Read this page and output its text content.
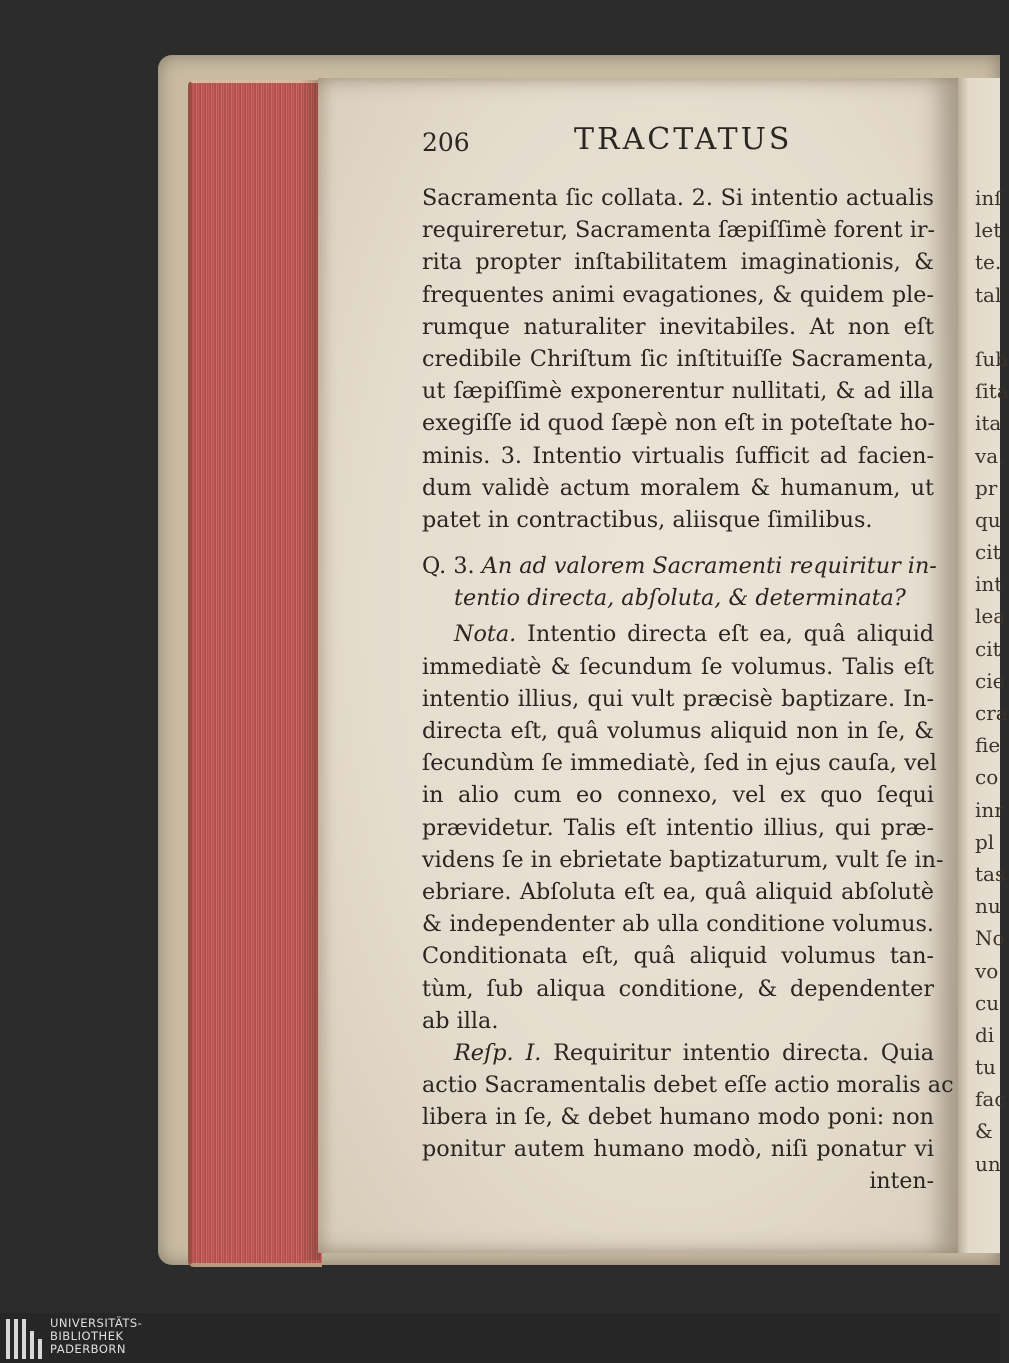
206	TRACTATUS
Sacramenta ſic collata. 2. Si intentio actualis
requireretur, Sacramenta ſæpiſſimè forent ir-
rita propter inſtabilitatem imaginationis, &
frequentes animi evagationes, & quidem ple-
rumque naturaliter inevitabiles. At non eſt
credibile Chriſtum ſic inſtituiſſe Sacramenta,
ut ſæpiſſimè exponerentur nullitati, & ad illa
exegiſſe id quod ſæpè non eſt in poteſtate ho-
minis. 3. Intentio virtualis ſufficit ad facien-
dum validè actum moralem & humanum, ut
patet in contractibus, aliisque ſimilibus.
Q. 3. An ad valorem Sacramenti requiritur in-
tentio directa, abſoluta, & determinata?
Nota. Intentio directa eſt ea, quâ aliquid
immediatè & ſecundum ſe volumus. Talis eſt
intentio illius, qui vult præcisè baptizare. In-
directa eſt, quâ volumus aliquid non in ſe, &
ſecundùm ſe immediatè, ſed in ejus cauſa, vel
in alio cum eo connexo, vel ex quo ſequi
prævidetur. Talis eſt intentio illius, qui præ-
videns ſe in ebrietate baptizaturum, vult ſe in-
ebriare. Abſoluta eſt ea, quâ aliquid abſolutè
& independenter ab ulla conditione volumus.
Conditionata eſt, quâ aliquid volumus tan-
tùm, ſub aliqua conditione, & dependenter
ab illa.
Reſp. I. Requiritur intentio directa. Quia
actio Sacramentalis debet eſſe actio moralis ac
libera in ſe, & debet humano modo poni: non
ponitur autem humano modò, niſi ponatur vi
inten-
inſ
let
te.
tal
ſub
ſita
ita
va.
pr
qu
cit
int
lea
cit
cie
cra
fie
co
inr
pl
tas
nu
No
vo
cu
di
tu
fac
&
un
UNIVERSITÄTS-
BIBLIOTHEK
PADERBORN
